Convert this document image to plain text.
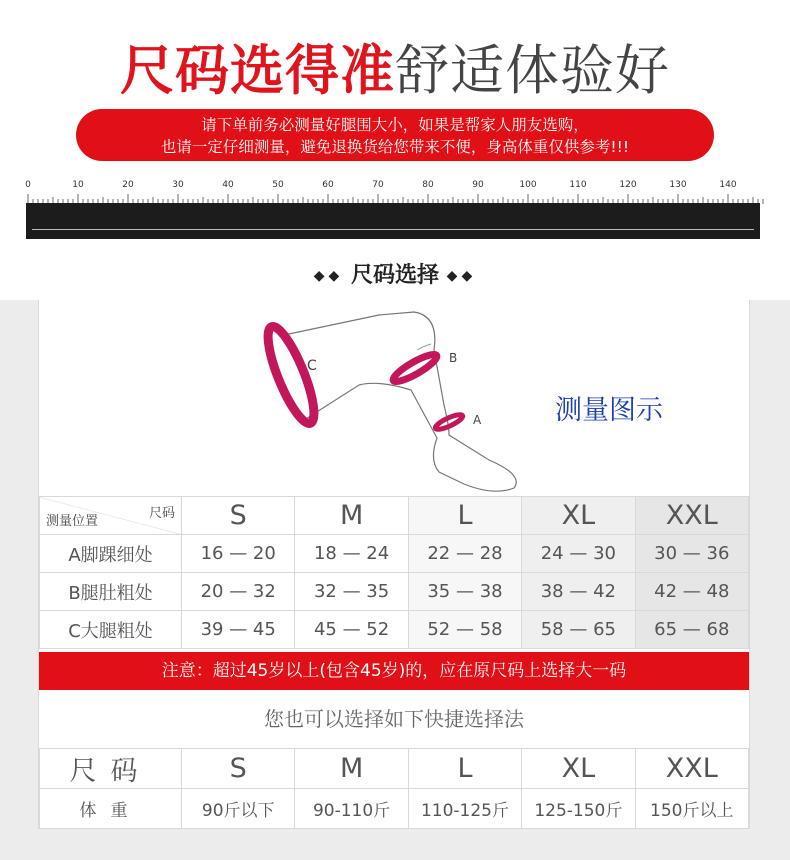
尺码选得准舒适体验好
请下单前务必测量好腿围大小，如果是帮家人朋友选购，
也请一定仔细测量，避免退换货给您带来不便，身高体重仅供参考!!!
0	10	20	30	40	50	60	70	80	90	100	110	120	130	140
◆◆ 尺码选择 ◆◆
C	B
A	测量图示
尺码
测量位置	S	M	L	XL	XXL
A脚踝细处	16 — 20	18 — 24	22 — 28	24 — 30	30 — 36
B腿肚粗处	20 — 32	32 — 35	35 — 38	38 — 42	42 — 48
C大腿粗处	39 — 45	45 — 52	52 — 58	58 — 65	65 — 68
注意：超过45岁以上(包含45岁)的，应在原尺码上选择大一码
您也可以选择如下快捷选择法
尺码	S	M	L	XL	XXL
体重	90斤以下	90-110斤	110-125斤	125-150斤	150斤以上
